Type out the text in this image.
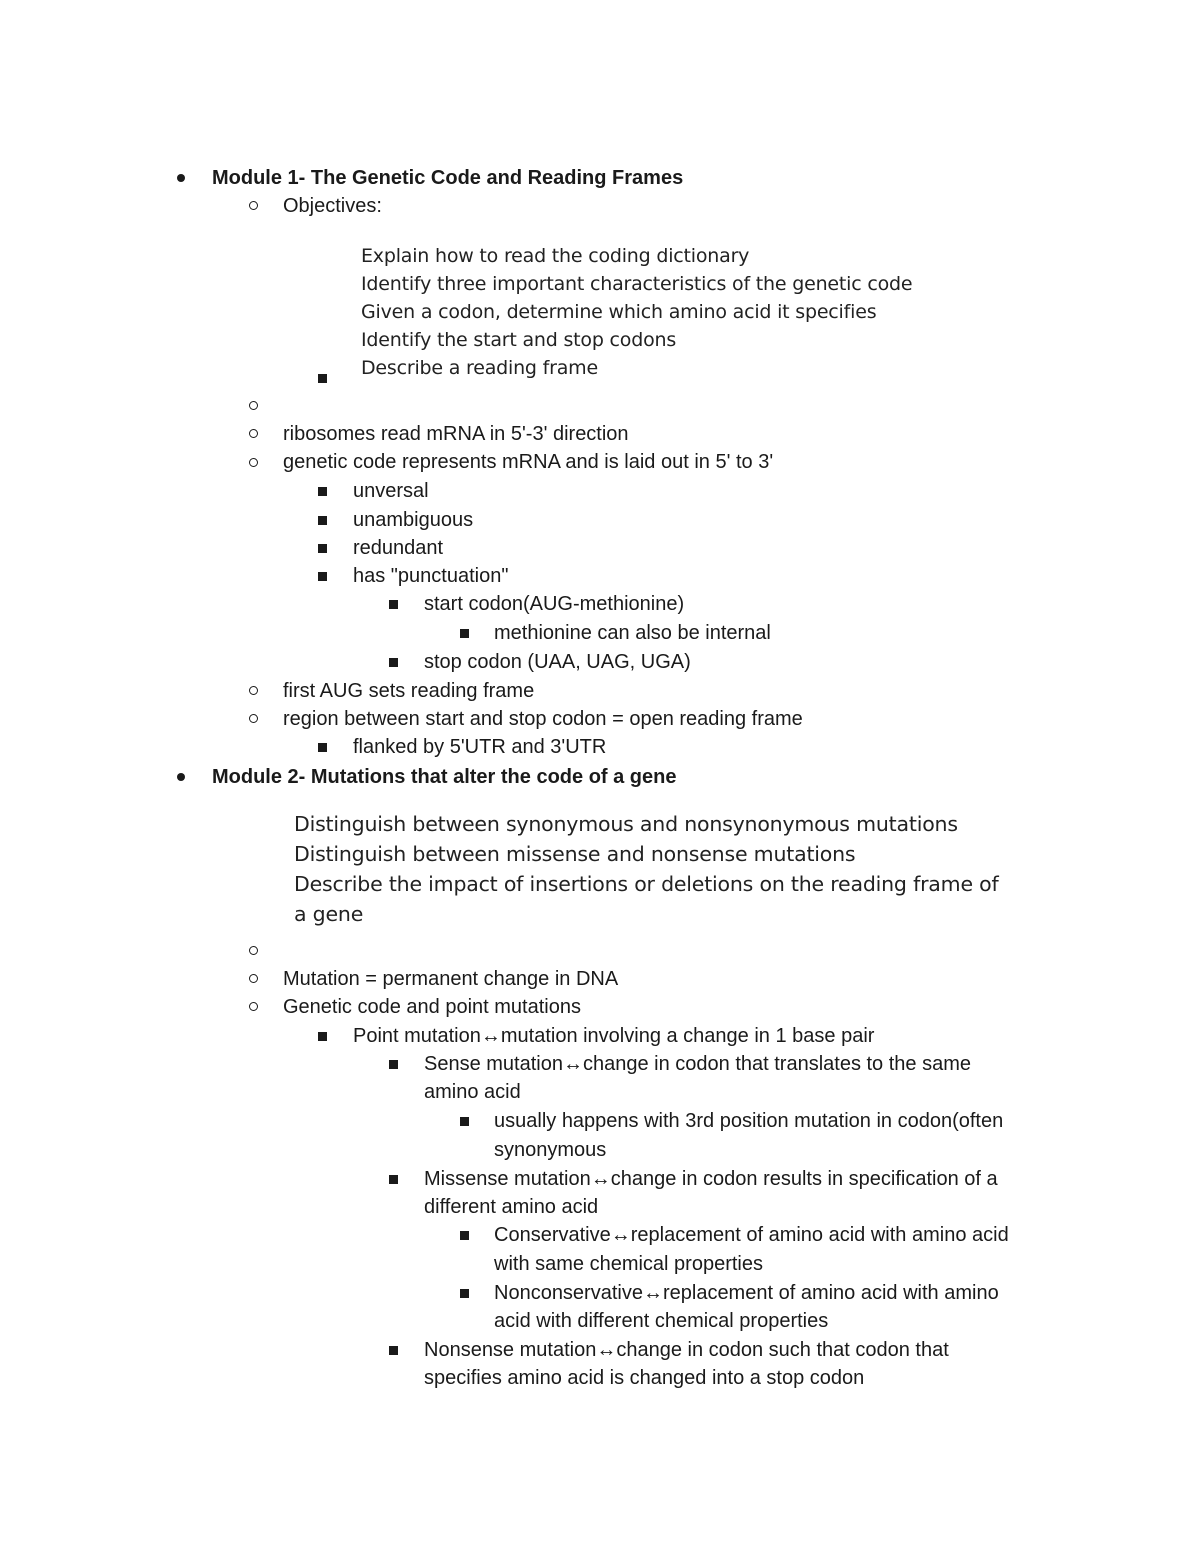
Module 1- The Genetic Code and Reading Frames
Objectives:
Explain how to read the coding dictionary
Identify three important characteristics of the genetic code
Given a codon, determine which amino acid it specifies
Identify the start and stop codons
Describe a reading frame
ribosomes read mRNA in 5'-3' direction
genetic code represents mRNA and is laid out in 5' to 3'
unversal
unambiguous
redundant
has "punctuation"
start codon(AUG-methionine)
methionine can also be internal
stop codon (UAA, UAG, UGA)
first AUG sets reading frame
region between start and stop codon = open reading frame
flanked by 5'UTR and 3'UTR
Module 2- Mutations that alter the code of a gene
Distinguish between synonymous and nonsynonymous mutations
Distinguish between missense and nonsense mutations
Describe the impact of insertions or deletions on the reading frame of
a gene
Mutation = permanent change in DNA
Genetic code and point mutations
Point mutation↔mutation involving a change in 1 base pair
Sense mutation↔change in codon that translates to the same
amino acid
usually happens with 3rd position mutation in codon(often
synonymous
Missense mutation↔change in codon results in specification of a
different amino acid
Conservative↔replacement of amino acid with amino acid
with same chemical properties
Nonconservative↔replacement of amino acid with amino
acid with different chemical properties
Nonsense mutation↔change in codon such that codon that
specifies amino acid is changed into a stop codon
